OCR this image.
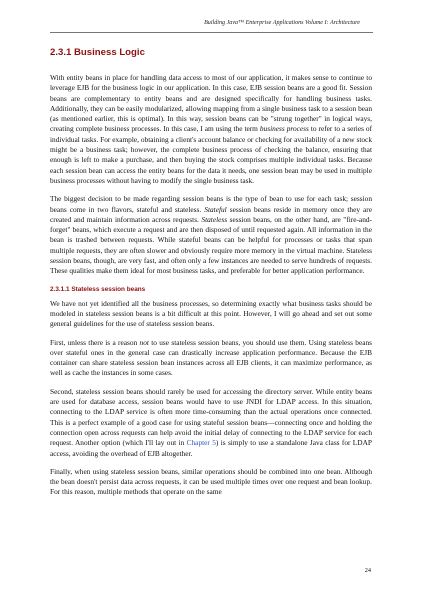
Building Java™ Enterprise Applications Volume I: Architecture
2.3.1 Business Logic

With entity beans in place for handling data access to most of our application, it makes sense to continue to leverage EJB for the business logic in our application. In this case, EJB session beans are a good fit. Session beans are complementary to entity beans and are designed specifically for handling business tasks. Additionally, they can be easily modularized, allowing mapping from a single business task to a session bean (as mentioned earlier, this is optimal). In this way, session beans can be "strung together" in logical ways, creating complete business processes. In this case, I am using the term business process to refer to a series of individual tasks. For example, obtaining a client's account balance or checking for availability of a new stock might be a business task; however, the complete business process of checking the balance, ensuring that enough is left to make a purchase, and then buying the stock comprises multiple individual tasks. Because each session bean can access the entity beans for the data it needs, one session bean may be used in multiple business processes without having to modify the single business task.

The biggest decision to be made regarding session beans is the type of bean to use for each task; session beans come in two flavors, stateful and stateless. Stateful session beans reside in memory once they are created and maintain information across requests. Stateless session beans, on the other hand, are "fire-and-forget" beans, which execute a request and are then disposed of until requested again. All information in the bean is trashed between requests. While stateful beans can be helpful for processes or tasks that span multiple requests, they are often slower and obviously require more memory in the virtual machine. Stateless session beans, though, are very fast, and often only a few instances are needed to serve hundreds of requests. These qualities make them ideal for most business tasks, and preferable for better application performance.

2.3.1.1 Stateless session beans

We have not yet identified all the business processes, so determining exactly what business tasks should be modeled in stateless session beans is a bit difficult at this point. However, I will go ahead and set out some general guidelines for the use of stateless session beans.

First, unless there is a reason not to use stateless session beans, you should use them. Using stateless beans over stateful ones in the general case can drastically increase application performance. Because the EJB container can share stateless session bean instances across all EJB clients, it can maximize performance, as well as cache the instances in some cases.

Second, stateless session beans should rarely be used for accessing the directory server. While entity beans are used for database access, session beans would have to use JNDI for LDAP access. In this situation, connecting to the LDAP service is often more time-consuming than the actual operations once connected. This is a perfect example of a good case for using stateful session beans—connecting once and holding the connection open across requests can help avoid the initial delay of connecting to the LDAP service for each request. Another option (which I'll lay out in Chapter 5) is simply to use a standalone Java class for LDAP access, avoiding the overhead of EJB altogether.

Finally, when using stateless session beans, similar operations should be combined into one bean. Although the bean doesn't persist data across requests, it can be used multiple times over one request and bean lookup. For this reason, multiple methods that operate on the same

24
